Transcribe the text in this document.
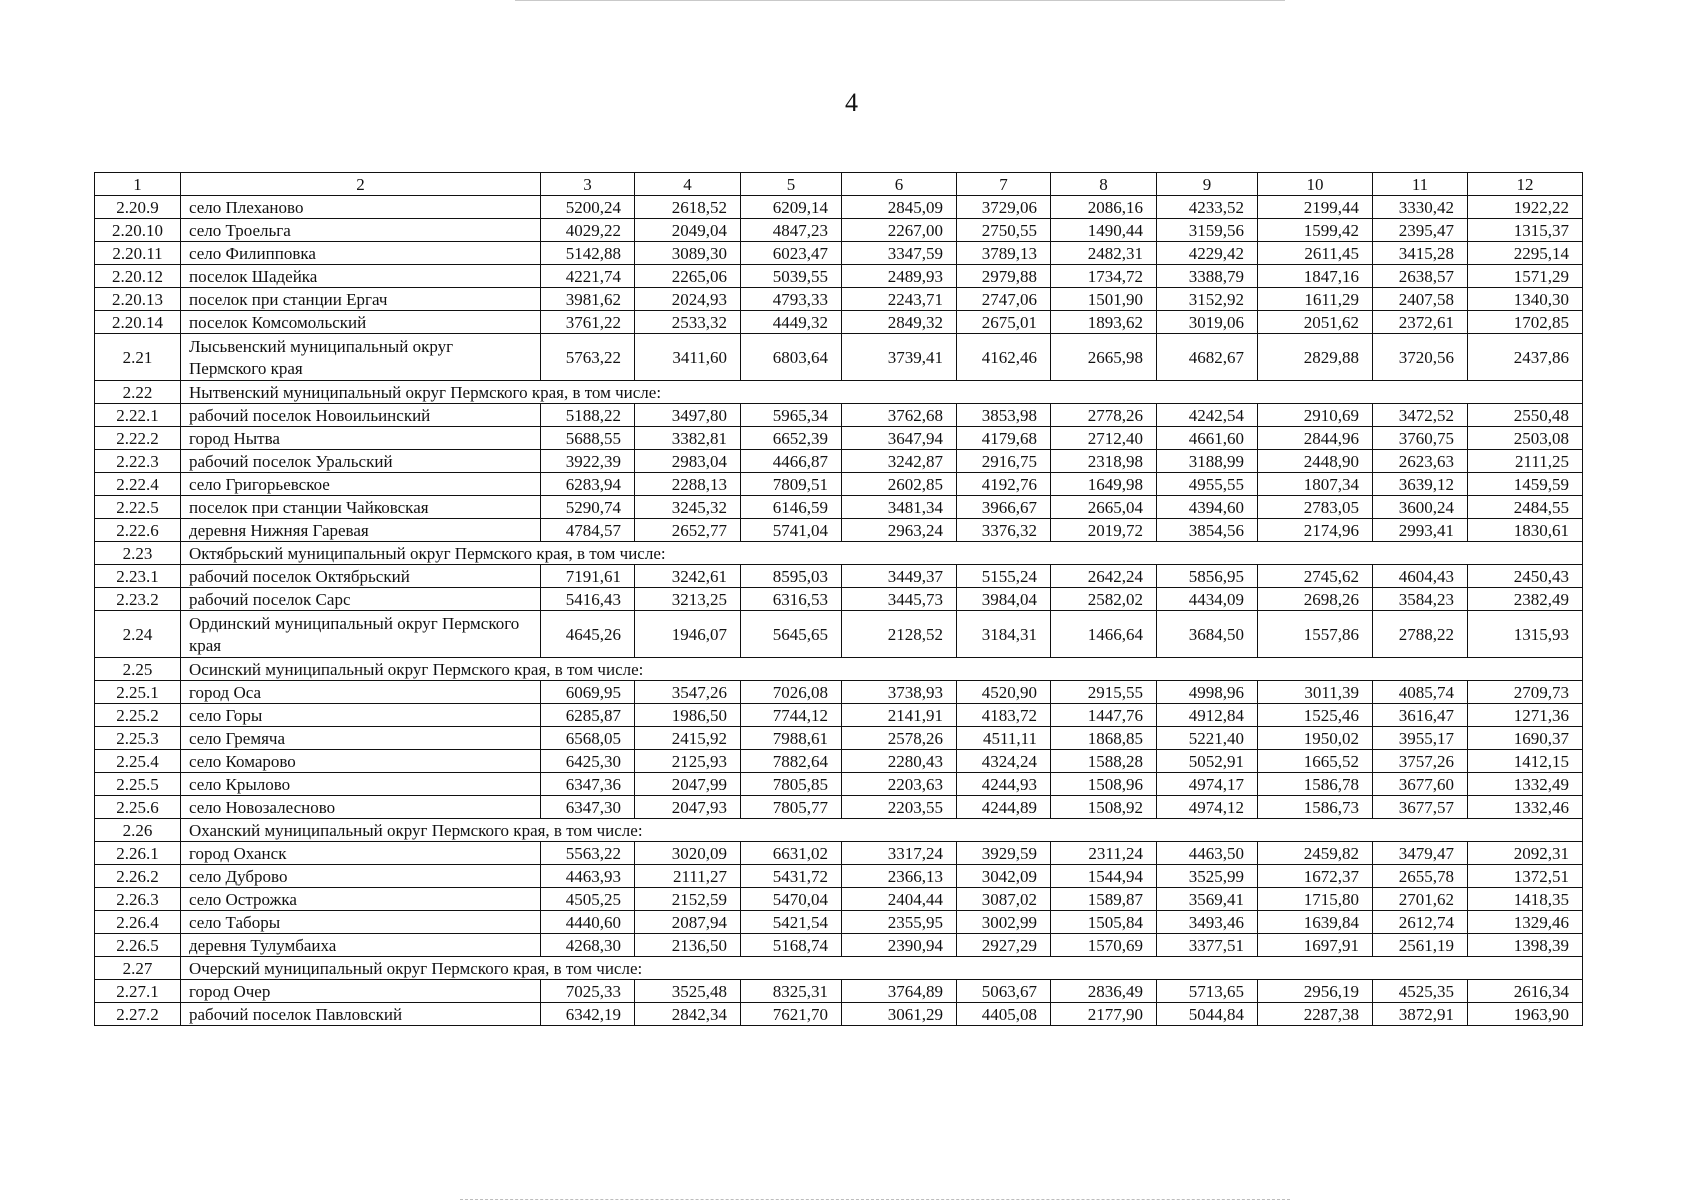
4
1	2	3	4	5	6	7	8	9	10	11	12
2.20.9	село Плеханово	5200,24	2618,52	6209,14	2845,09	3729,06	2086,16	4233,52	2199,44	3330,42	1922,22
2.20.10	село Троельга	4029,22	2049,04	4847,23	2267,00	2750,55	1490,44	3159,56	1599,42	2395,47	1315,37
2.20.11	село Филипповка	5142,88	3089,30	6023,47	3347,59	3789,13	2482,31	4229,42	2611,45	3415,28	2295,14
2.20.12	поселок Шадейка	4221,74	2265,06	5039,55	2489,93	2979,88	1734,72	3388,79	1847,16	2638,57	1571,29
2.20.13	поселок при станции Ергач	3981,62	2024,93	4793,33	2243,71	2747,06	1501,90	3152,92	1611,29	2407,58	1340,30
2.20.14	поселок Комсомольский	3761,22	2533,32	4449,32	2849,32	2675,01	1893,62	3019,06	2051,62	2372,61	1702,85
2.21	Лысьвенский муниципальный округ Пермского края	5763,22	3411,60	6803,64	3739,41	4162,46	2665,98	4682,67	2829,88	3720,56	2437,86
2.22	Нытвенский муниципальный округ Пермского края, в том числе:										
2.22.1	рабочий поселок Новоильинский	5188,22	3497,80	5965,34	3762,68	3853,98	2778,26	4242,54	2910,69	3472,52	2550,48
2.22.2	город Нытва	5688,55	3382,81	6652,39	3647,94	4179,68	2712,40	4661,60	2844,96	3760,75	2503,08
2.22.3	рабочий поселок Уральский	3922,39	2983,04	4466,87	3242,87	2916,75	2318,98	3188,99	2448,90	2623,63	2111,25
2.22.4	село Григорьевское	6283,94	2288,13	7809,51	2602,85	4192,76	1649,98	4955,55	1807,34	3639,12	1459,59
2.22.5	поселок при станции Чайковская	5290,74	3245,32	6146,59	3481,34	3966,67	2665,04	4394,60	2783,05	3600,24	2484,55
2.22.6	деревня Нижняя Гаревая	4784,57	2652,77	5741,04	2963,24	3376,32	2019,72	3854,56	2174,96	2993,41	1830,61
2.23	Октябрьский муниципальный округ Пермского края, в том числе:										
2.23.1	рабочий поселок Октябрьский	7191,61	3242,61	8595,03	3449,37	5155,24	2642,24	5856,95	2745,62	4604,43	2450,43
2.23.2	рабочий поселок Сарс	5416,43	3213,25	6316,53	3445,73	3984,04	2582,02	4434,09	2698,26	3584,23	2382,49
2.24	Ординский муниципальный округ Пермского края	4645,26	1946,07	5645,65	2128,52	3184,31	1466,64	3684,50	1557,86	2788,22	1315,93
2.25	Осинский муниципальный округ Пермского края, в том числе:										
2.25.1	город Оса	6069,95	3547,26	7026,08	3738,93	4520,90	2915,55	4998,96	3011,39	4085,74	2709,73
2.25.2	село Горы	6285,87	1986,50	7744,12	2141,91	4183,72	1447,76	4912,84	1525,46	3616,47	1271,36
2.25.3	село Гремяча	6568,05	2415,92	7988,61	2578,26	4511,11	1868,85	5221,40	1950,02	3955,17	1690,37
2.25.4	село Комарово	6425,30	2125,93	7882,64	2280,43	4324,24	1588,28	5052,91	1665,52	3757,26	1412,15
2.25.5	село Крылово	6347,36	2047,99	7805,85	2203,63	4244,93	1508,96	4974,17	1586,78	3677,60	1332,49
2.25.6	село Новозалесново	6347,30	2047,93	7805,77	2203,55	4244,89	1508,92	4974,12	1586,73	3677,57	1332,46
2.26	Оханский муниципальный округ Пермского края, в том числе:										
2.26.1	город Оханск	5563,22	3020,09	6631,02	3317,24	3929,59	2311,24	4463,50	2459,82	3479,47	2092,31
2.26.2	село Дуброво	4463,93	2111,27	5431,72	2366,13	3042,09	1544,94	3525,99	1672,37	2655,78	1372,51
2.26.3	село Острожка	4505,25	2152,59	5470,04	2404,44	3087,02	1589,87	3569,41	1715,80	2701,62	1418,35
2.26.4	село Таборы	4440,60	2087,94	5421,54	2355,95	3002,99	1505,84	3493,46	1639,84	2612,74	1329,46
2.26.5	деревня Тулумбаиха	4268,30	2136,50	5168,74	2390,94	2927,29	1570,69	3377,51	1697,91	2561,19	1398,39
2.27	Очерский муниципальный округ Пермского края, в том числе:										
2.27.1	город Очер	7025,33	3525,48	8325,31	3764,89	5063,67	2836,49	5713,65	2956,19	4525,35	2616,34
2.27.2	рабочий поселок Павловский	6342,19	2842,34	7621,70	3061,29	4405,08	2177,90	5044,84	2287,38	3872,91	1963,90
